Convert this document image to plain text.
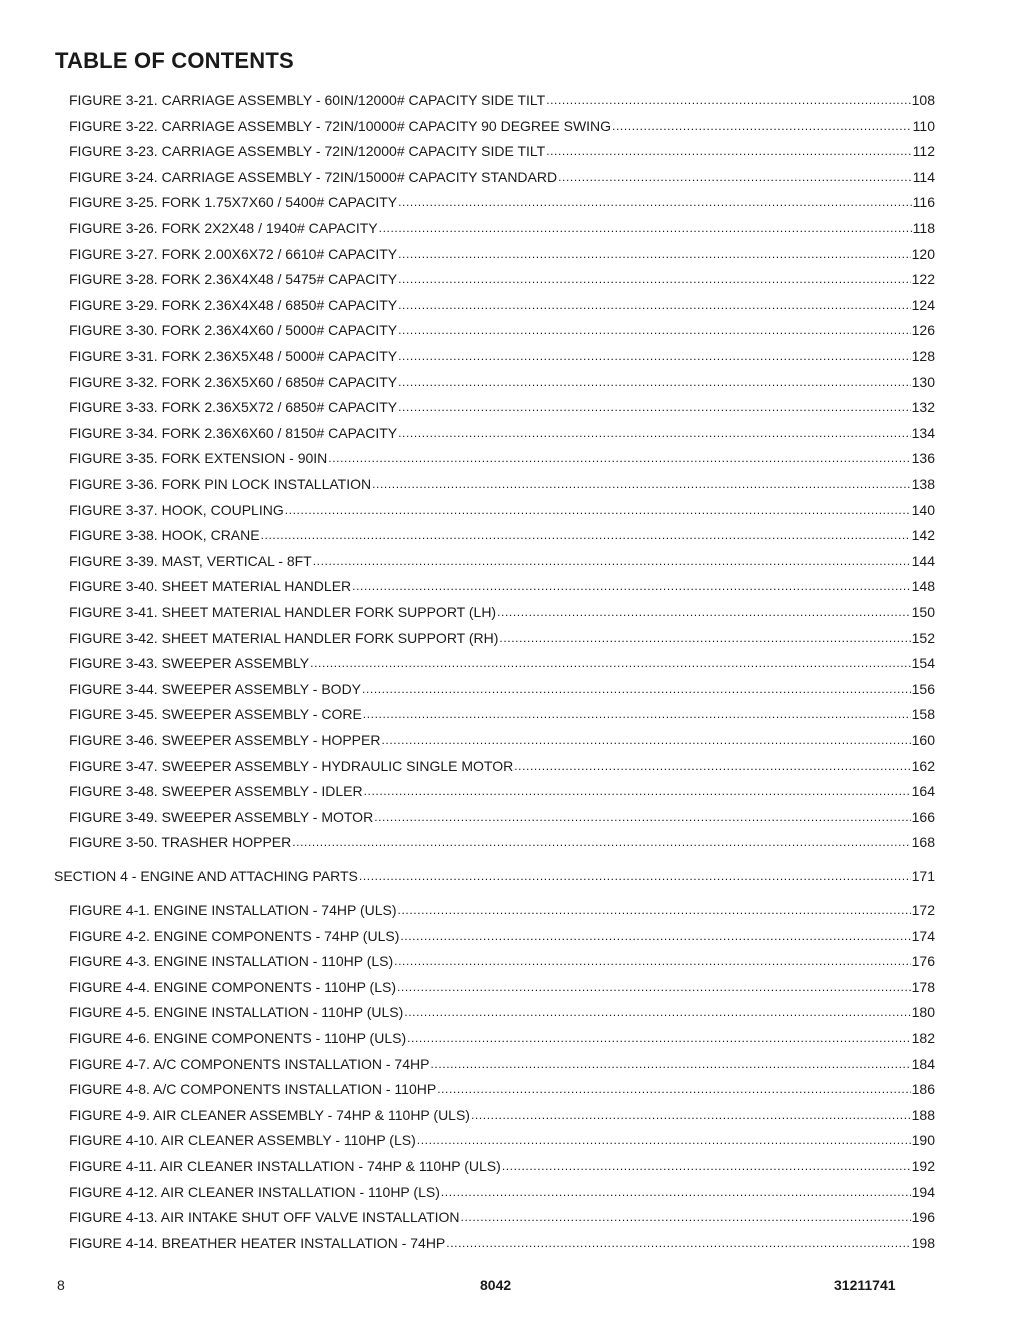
TABLE OF CONTENTS
FIGURE 3-21. CARRIAGE ASSEMBLY - 60IN/12000# CAPACITY SIDE TILT .....	108
FIGURE 3-22. CARRIAGE ASSEMBLY - 72IN/10000# CAPACITY 90 DEGREE SWING .....	110
FIGURE 3-23. CARRIAGE ASSEMBLY - 72IN/12000# CAPACITY SIDE TILT .....	112
FIGURE 3-24. CARRIAGE ASSEMBLY - 72IN/15000# CAPACITY STANDARD .....	114
FIGURE 3-25. FORK 1.75X7X60 / 5400# CAPACITY .....	116
FIGURE 3-26. FORK 2X2X48 / 1940# CAPACITY .....	118
FIGURE 3-27. FORK 2.00X6X72 / 6610# CAPACITY .....	120
FIGURE 3-28. FORK 2.36X4X48 / 5475# CAPACITY .....	122
FIGURE 3-29. FORK 2.36X4X48 / 6850# CAPACITY .....	124
FIGURE 3-30. FORK 2.36X4X60 / 5000# CAPACITY .....	126
FIGURE 3-31. FORK 2.36X5X48 / 5000# CAPACITY .....	128
FIGURE 3-32. FORK 2.36X5X60 / 6850# CAPACITY .....	130
FIGURE 3-33. FORK 2.36X5X72 / 6850# CAPACITY .....	132
FIGURE 3-34. FORK 2.36X6X60 / 8150# CAPACITY .....	134
FIGURE 3-35. FORK EXTENSION - 90IN .....	136
FIGURE 3-36. FORK PIN LOCK INSTALLATION .....	138
FIGURE 3-37. HOOK, COUPLING .....	140
FIGURE 3-38. HOOK, CRANE .....	142
FIGURE 3-39. MAST, VERTICAL - 8FT .....	144
FIGURE 3-40. SHEET MATERIAL HANDLER .....	148
FIGURE 3-41. SHEET MATERIAL HANDLER FORK SUPPORT (LH) .....	150
FIGURE 3-42. SHEET MATERIAL HANDLER FORK SUPPORT (RH) .....	152
FIGURE 3-43. SWEEPER ASSEMBLY .....	154
FIGURE 3-44. SWEEPER ASSEMBLY - BODY .....	156
FIGURE 3-45. SWEEPER ASSEMBLY - CORE .....	158
FIGURE 3-46. SWEEPER ASSEMBLY - HOPPER .....	160
FIGURE 3-47. SWEEPER ASSEMBLY - HYDRAULIC SINGLE MOTOR .....	162
FIGURE 3-48. SWEEPER ASSEMBLY - IDLER .....	164
FIGURE 3-49. SWEEPER ASSEMBLY - MOTOR .....	166
FIGURE 3-50. TRASHER HOPPER .....	168
SECTION 4 - ENGINE AND ATTACHING PARTS .....	171
FIGURE 4-1. ENGINE INSTALLATION - 74HP (ULS) .....	172
FIGURE 4-2. ENGINE COMPONENTS - 74HP (ULS) .....	174
FIGURE 4-3. ENGINE INSTALLATION - 110HP (LS) .....	176
FIGURE 4-4. ENGINE COMPONENTS - 110HP (LS) .....	178
FIGURE 4-5. ENGINE INSTALLATION - 110HP (ULS) .....	180
FIGURE 4-6. ENGINE COMPONENTS - 110HP (ULS) .....	182
FIGURE 4-7. A/C COMPONENTS INSTALLATION - 74HP .....	184
FIGURE 4-8. A/C COMPONENTS INSTALLATION - 110HP .....	186
FIGURE 4-9. AIR CLEANER ASSEMBLY - 74HP & 110HP (ULS) .....	188
FIGURE 4-10. AIR CLEANER ASSEMBLY - 110HP (LS) .....	190
FIGURE 4-11. AIR CLEANER INSTALLATION - 74HP & 110HP (ULS) .....	192
FIGURE 4-12. AIR CLEANER INSTALLATION - 110HP (LS) .....	194
FIGURE 4-13. AIR INTAKE SHUT OFF VALVE INSTALLATION .....	196
FIGURE 4-14. BREATHER HEATER INSTALLATION - 74HP .....	198
8	8042	31211741
